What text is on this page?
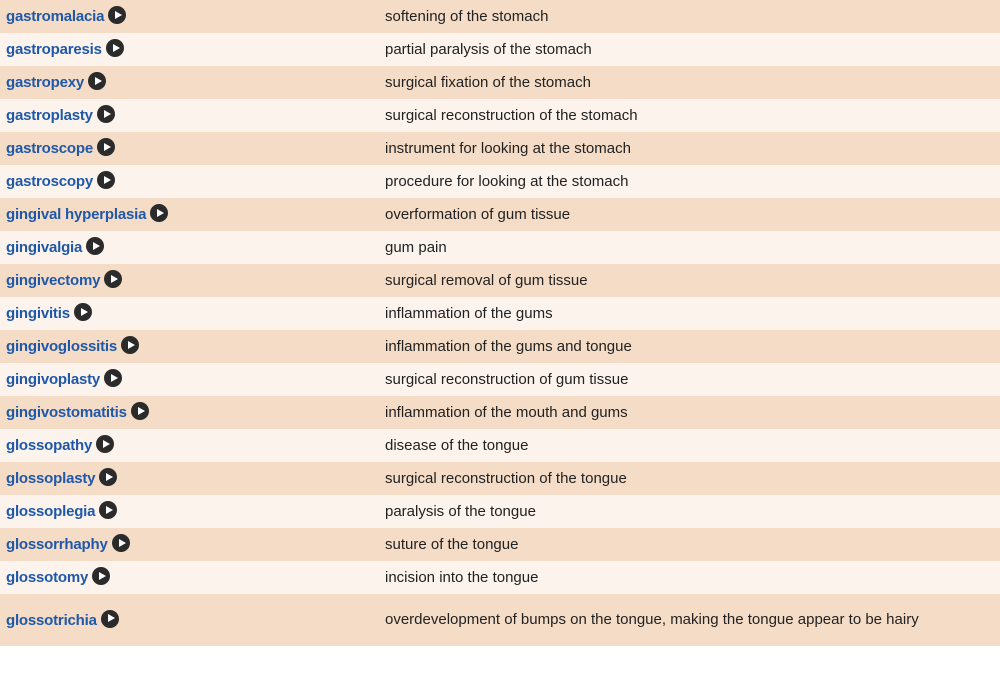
gastromalacia	softening of the stomach
gastroparesis	partial paralysis of the stomach
gastropexy	surgical fixation of the stomach
gastroplasty	surgical reconstruction of the stomach
gastroscope	instrument for looking at the stomach
gastroscopy	procedure for looking at the stomach
gingival hyperplasia	overformation of gum tissue
gingivalgia	gum pain
gingivectomy	surgical removal of gum tissue
gingivitis	inflammation of the gums
gingivoglossitis	inflammation of the gums and tongue
gingivoplasty	surgical reconstruction of gum tissue
gingivostomatitis	inflammation of the mouth and gums
glossopathy	disease of the tongue
glossoplasty	surgical reconstruction of the tongue
glossoplegia	paralysis of the tongue
glossorrhaphy	suture of the tongue
glossotomy	incision into the tongue
glossotrichia	overdevelopment of bumps on the tongue, making the tongue appear to be hairy
